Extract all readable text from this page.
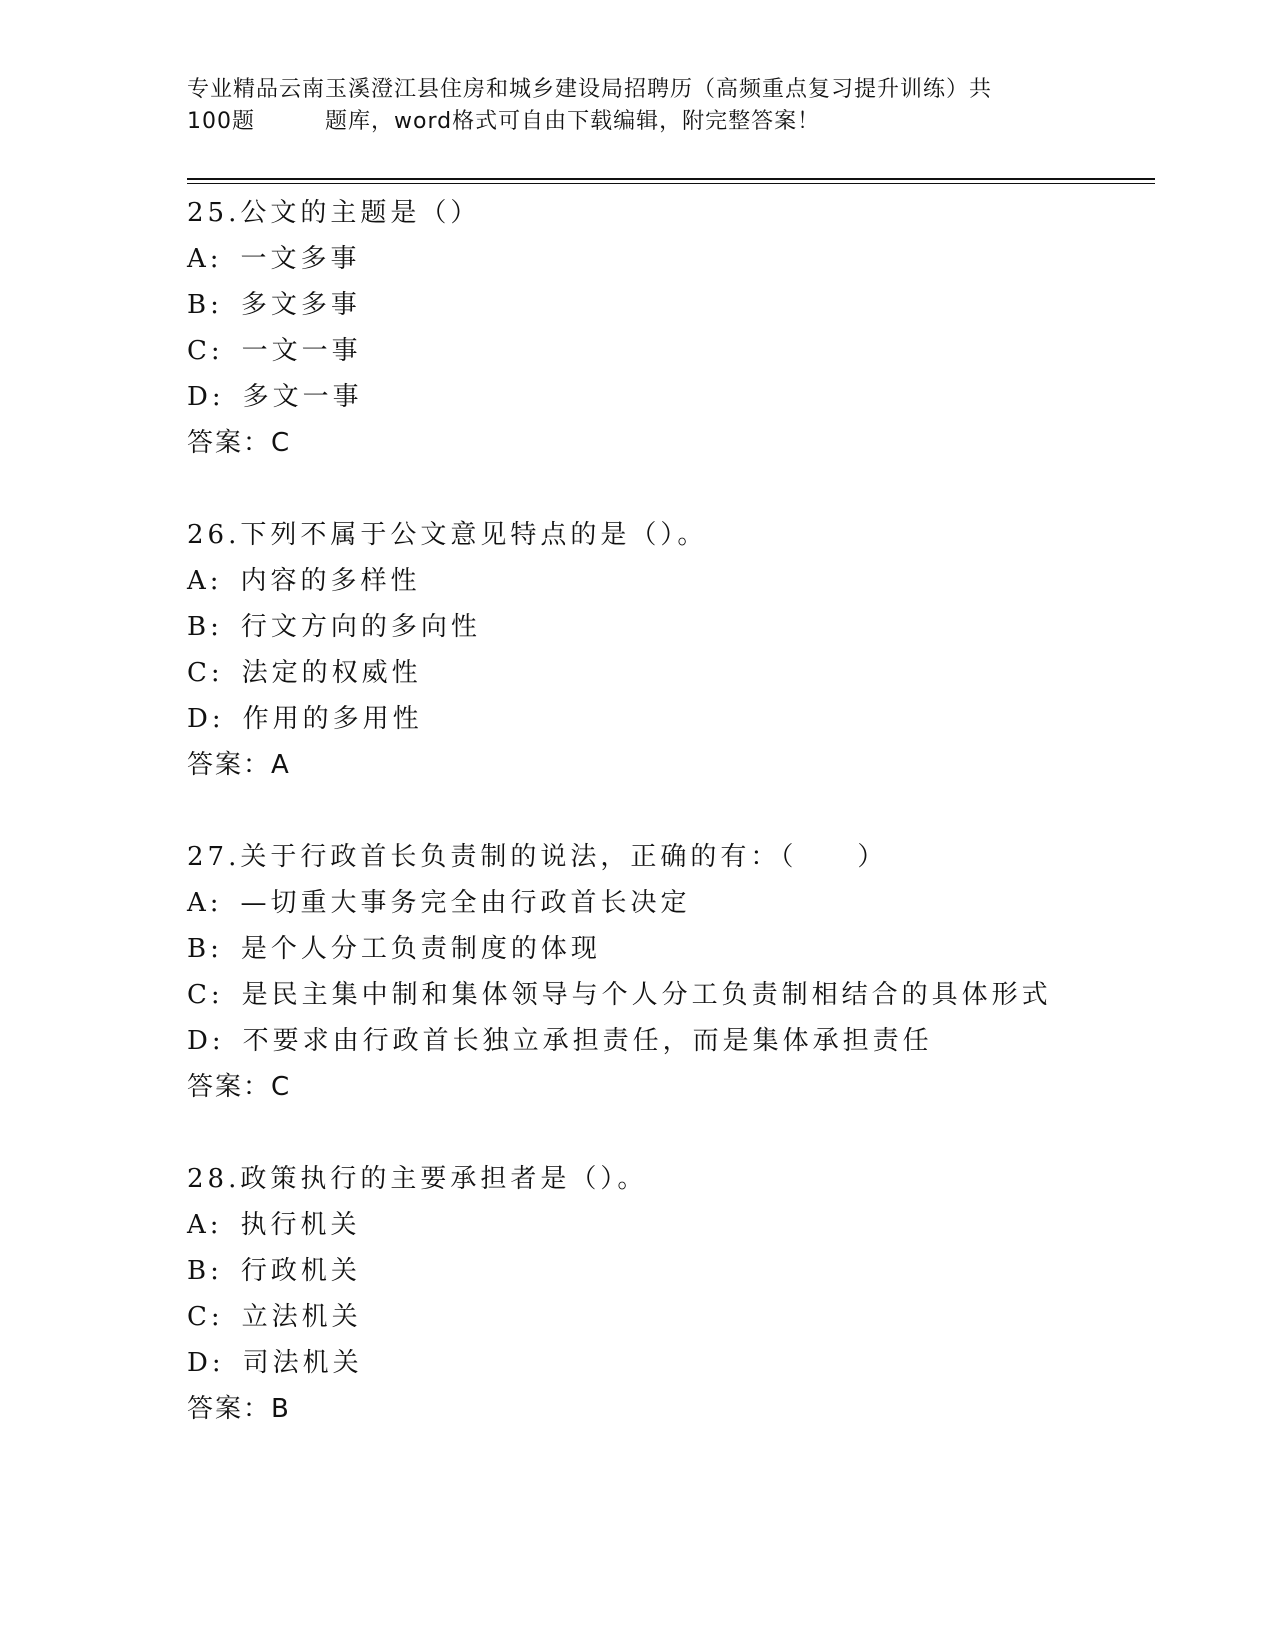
专业精品云南玉溪澄江县住房和城乡建设局招聘历（高频重点复习提升训练）共
100题	题库，word格式可自由下载编辑，附完整答案！
25.公文的主题是（）
A: 一文多事
B: 多文多事
C: 一文一事
D: 多文一事
答案：C
26.下列不属于公文意见特点的是（）。
A: 内容的多样性
B: 行文方向的多向性
C: 法定的权威性
D: 作用的多用性
答案：A
27.关于行政首长负责制的说法，正确的有：（　　）
A: —切重大事务完全由行政首长决定
B: 是个人分工负责制度的体现
C: 是民主集中制和集体领导与个人分工负责制相结合的具体形式
D: 不要求由行政首长独立承担责任，而是集体承担责任
答案：C
28.政策执行的主要承担者是（）。
A: 执行机关
B: 行政机关
C: 立法机关
D: 司法机关
答案：B
